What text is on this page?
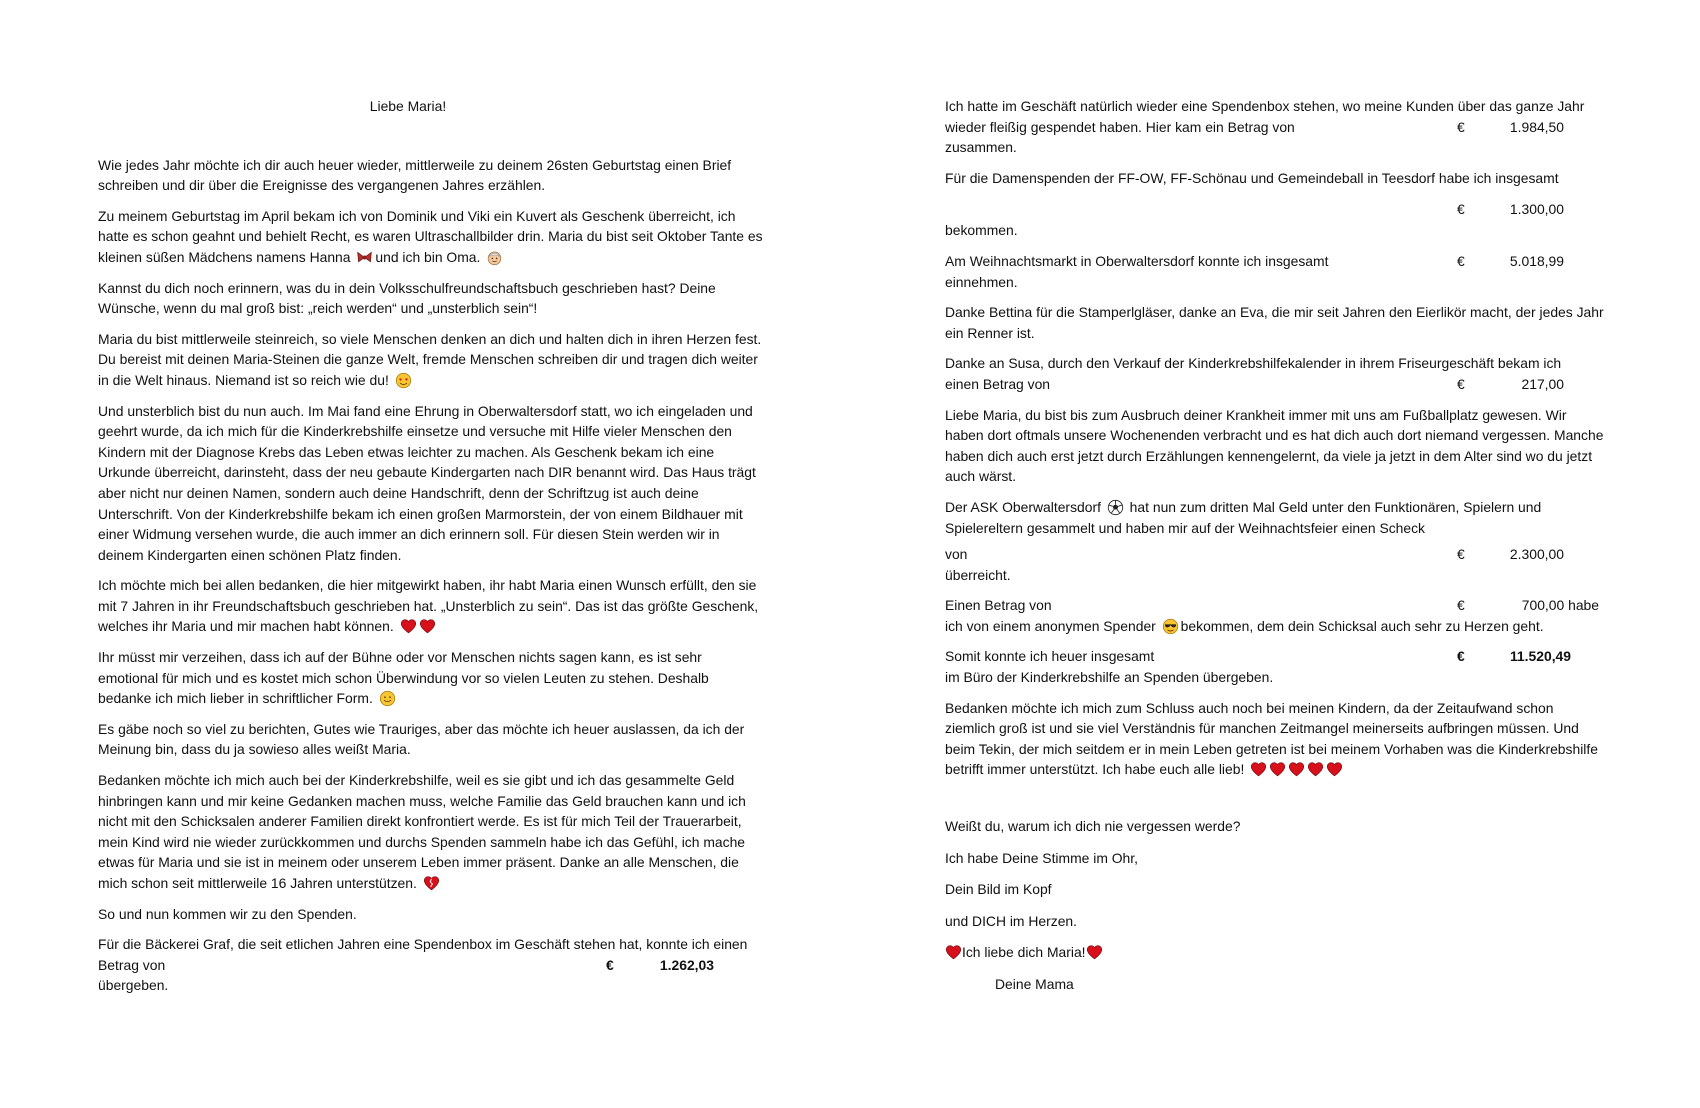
Liebe Maria!

Wie jedes Jahr möchte ich dir auch heuer wieder, mittlerweile zu deinem 26sten Geburtstag einen Brief schreiben und dir über die Ereignisse des vergangenen Jahres erzählen.

Zu meinem Geburtstag im April bekam ich von Dominik und Viki ein Kuvert als Geschenk überreicht, ich hatte es schon geahnt und behielt Recht, es waren Ultraschallbilder drin. Maria du bist seit Oktober Tante es kleinen süßen Mädchens namens Hanna und ich bin Oma.

Kannst du dich noch erinnern, was du in dein Volksschulfreundschaftsbuch geschrieben hast? Deine Wünsche, wenn du mal groß bist: „reich werden“ und „unsterblich sein“!

Maria du bist mittlerweile steinreich, so viele Menschen denken an dich und halten dich in ihren Herzen fest. Du bereist mit deinen Maria-Steinen die ganze Welt, fremde Menschen schreiben dir und tragen dich weiter in die Welt hinaus. Niemand ist so reich wie du!

Und unsterblich bist du nun auch. Im Mai fand eine Ehrung in Oberwaltersdorf statt, wo ich eingeladen und geehrt wurde, da ich mich für die Kinderkrebshilfe einsetze und versuche mit Hilfe vieler Menschen den Kindern mit der Diagnose Krebs das Leben etwas leichter zu machen. Als Geschenk bekam ich eine Urkunde überreicht, darinsteht, dass der neu gebaute Kindergarten nach DIR benannt wird. Das Haus trägt aber nicht nur deinen Namen, sondern auch deine Handschrift, denn der Schriftzug ist auch deine Unterschrift. Von der Kinderkrebshilfe bekam ich einen großen Marmorstein, der von einem Bildhauer mit einer Widmung versehen wurde, die auch immer an dich erinnern soll. Für diesen Stein werden wir in deinem Kindergarten einen schönen Platz finden.

Ich möchte mich bei allen bedanken, die hier mitgewirkt haben, ihr habt Maria einen Wunsch erfüllt, den sie mit 7 Jahren in ihr Freundschaftsbuch geschrieben hat. „Unsterblich zu sein“. Das ist das größte Geschenk, welches ihr Maria und mir machen habt können.

Ihr müsst mir verzeihen, dass ich auf der Bühne oder vor Menschen nichts sagen kann, es ist sehr emotional für mich und es kostet mich schon Überwindung vor so vielen Leuten zu stehen. Deshalb bedanke ich mich lieber in schriftlicher Form.

Es gäbe noch so viel zu berichten, Gutes wie Trauriges, aber das möchte ich heuer auslassen, da ich der Meinung bin, dass du ja sowieso alles weißt Maria.

Bedanken möchte ich mich auch bei der Kinderkrebshilfe, weil es sie gibt und ich das gesammelte Geld hinbringen kann und mir keine Gedanken machen muss, welche Familie das Geld brauchen kann und ich nicht mit den Schicksalen anderer Familien direkt konfrontiert werde. Es ist für mich Teil der Trauerarbeit, mein Kind wird nie wieder zurückkommen und durchs Spenden sammeln habe ich das Gefühl, ich mache etwas für Maria und sie ist in meinem oder unserem Leben immer präsent. Danke an alle Menschen, die mich schon seit mittlerweile 16 Jahren unterstützen.

So und nun kommen wir zu den Spenden.

Für die Bäckerei Graf, die seit etlichen Jahren eine Spendenbox im Geschäft stehen hat, konnte ich einen

Betrag von	€	1.262,03

übergeben.

Ich hatte im Geschäft natürlich wieder eine Spendenbox stehen, wo meine Kunden über das ganze Jahr
wieder fleißig gespendet haben. Hier kam ein Betrag von	€	1.984,50
zusammen.
Für die Damenspenden der FF-OW, FF-Schönau und Gemeindeball in Teesdorf habe ich insgesamt
€	1.300,00
bekommen.
Am Weihnachtsmarkt in Oberwaltersdorf konnte ich insgesamt	€	5.018,99
einnehmen.

Danke Bettina für die Stamperlgläser, danke an Eva, die mir seit Jahren den Eierlikör macht, der jedes Jahr ein Renner ist.

Danke an Susa, durch den Verkauf der Kinderkrebshilfekalender in ihrem Friseurgeschäft bekam ich
einen Betrag von	€	217,00

Liebe Maria, du bist bis zum Ausbruch deiner Krankheit immer mit uns am Fußballplatz gewesen. Wir haben dort oftmals unsere Wochenenden verbracht und es hat dich auch dort niemand vergessen. Manche haben dich auch erst jetzt durch Erzählungen kennengelernt, da viele ja jetzt in dem Alter sind wo du jetzt auch wärst.

Der ASK Oberwaltersdorf hat nun zum dritten Mal Geld unter den Funktionären, Spielern und Spielereltern gesammelt und haben mir auf der Weihnachtsfeier einen Scheck
von	€	2.300,00
überreicht.
Einen Betrag von	€	700,00 habe
ich von einem anonymen Spender bekommen, dem dein Schicksal auch sehr zu Herzen geht.
Somit konnte ich heuer insgesamt	€	11.520,49
im Büro der Kinderkrebshilfe an Spenden übergeben.

Bedanken möchte ich mich zum Schluss auch noch bei meinen Kindern, da der Zeitaufwand schon ziemlich groß ist und sie viel Verständnis für manchen Zeitmangel meinerseits aufbringen müssen. Und beim Tekin, der mich seitdem er in mein Leben getreten ist bei meinem Vorhaben was die Kinderkrebshilfe betrifft immer unterstützt. Ich habe euch alle lieb!

Weißt du, warum ich dich nie vergessen werde?

Ich habe Deine Stimme im Ohr,

Dein Bild im Kopf

und DICH im Herzen.

Ich liebe dich Maria!

Deine Mama
